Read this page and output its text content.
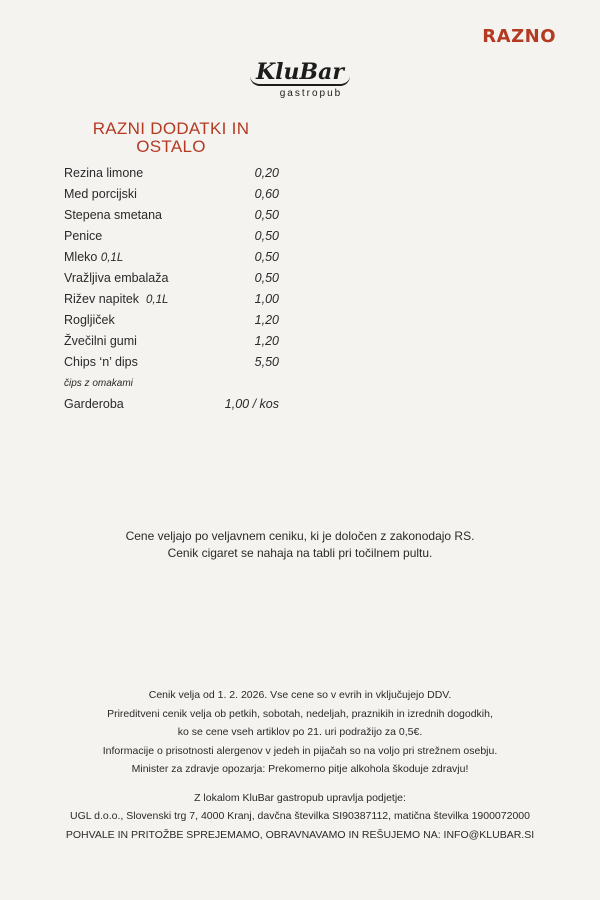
RAZNO
KluBar
gastropub
RAZNI DODATKI IN OSTALO
Rezina limone	0,20
Med porcijski	0,60
Stepena smetana	0,50
Penice	0,50
Mleko 0,1L	0,50
Vražljiva embalaža	0,50
Rižev napitek  0,1L	1,00
Rogljiček	1,20
Žvečilni gumi	1,20
Chips ‘n’ dips	5,50
čips z omakami
Garderoba	1,00 / kos
Cene veljajo po veljavnem ceniku, ki je določen z zakonodajo RS.
Cenik cigaret se nahaja na tabli pri točilnem pultu.
Cenik velja od 1. 2. 2026. Vse cene so v evrih in vključujejo DDV.
Prireditveni cenik velja ob petkih, sobotah, nedeljah, praznikih in izrednih dogodkih,
ko se cene vseh artiklov po 21. uri podražijo za 0,5€.
Informacije o prisotnosti alergenov v jedeh in pijačah so na voljo pri strežnem osebju.
Minister za zdravje opozarja: Prekomerno pitje alkohola škoduje zdravju!
Z lokalom KluBar gastropub upravlja podjetje:
UGL d.o.o., Slovenski trg 7, 4000 Kranj, davčna številka SI90387112, matična številka 1900072000
POHVALE IN PRITOŽBE SPREJEMAMO, OBRAVNAVAMO IN REŠUJEMO NA: INFO@KLUBAR.SI
